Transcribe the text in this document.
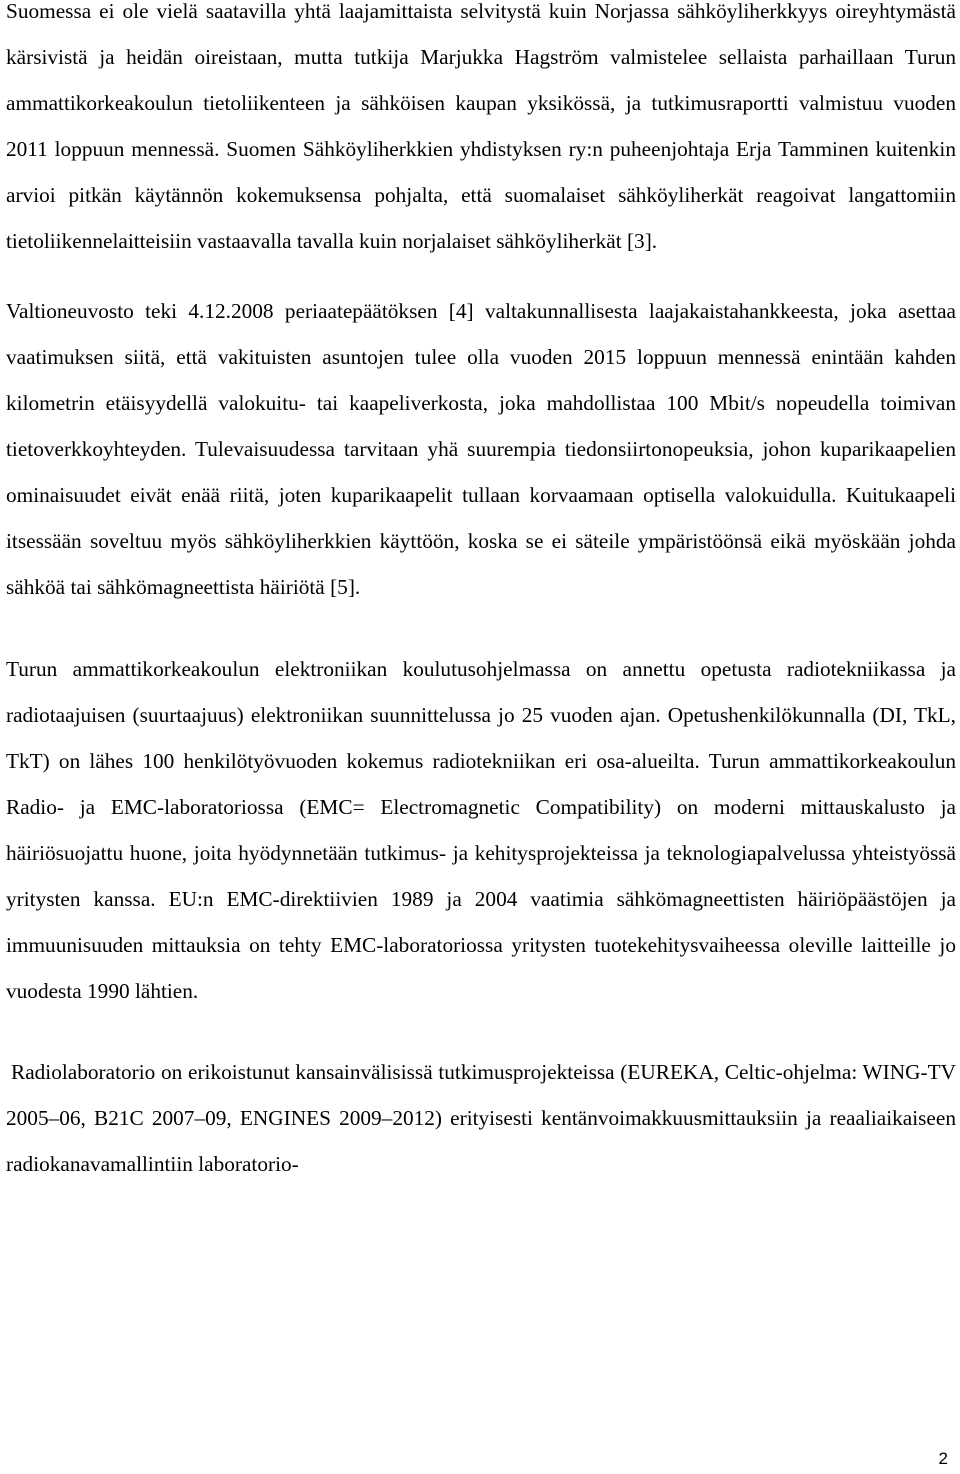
Suomessa ei ole vielä saatavilla yhtä laajamittaista selvitystä kuin Norjassa sähköyliherkkyys oireyhtymästä kärsivistä ja heidän oireistaan, mutta tutkija Marjukka Hagström valmistelee sellaista parhaillaan Turun ammattikorkeakoulun tietoliikenteen ja sähköisen kaupan yksikössä, ja tutkimusraportti valmistuu vuoden 2011 loppuun mennessä. Suomen Sähköyliherkkien yhdistyksen ry:n puheenjohtaja Erja Tamminen kuitenkin arvioi pitkän käytännön kokemuksensa pohjalta, että suomalaiset sähköyliherkät reagoivat langattomiin tietoliikennelaitteisiin vastaavalla tavalla kuin norjalaiset sähköyliherkät [3].

Valtioneuvosto teki 4.12.2008 periaatepäätöksen [4] valtakunnallisesta laajakaistahankkeesta, joka asettaa vaatimuksen siitä, että vakituisten asuntojen tulee olla vuoden 2015 loppuun mennessä enintään kahden kilometrin etäisyydellä valokuitu- tai kaapeliverkosta, joka mahdollistaa 100 Mbit/s nopeudella toimivan tietoverkkoyhteyden. Tulevaisuudessa tarvitaan yhä suurempia tiedonsiirtonopeuksia, johon kuparikaapelien ominaisuudet eivät enää riitä, joten kuparikaapelit tullaan korvaamaan optisella valokuidulla. Kuitukaapeli itsessään soveltuu myös sähköyliherkkien käyttöön, koska se ei säteile ympäristöönsä eikä myöskään johda sähköä tai sähkömagneettista häiriötä [5].

Turun ammattikorkeakoulun elektroniikan koulutusohjelmassa on annettu opetusta radiotekniikassa ja radiotaajuisen (suurtaajuus) elektroniikan suunnittelussa jo 25 vuoden ajan. Opetushenkilökunnalla (DI, TkL, TkT) on lähes 100 henkilötyövuoden kokemus radiotekniikan eri osa-alueilta. Turun ammattikorkeakoulun Radio- ja EMC-laboratoriossa (EMC= Electromagnetic Compatibility) on moderni mittauskalusto ja häiriösuojattu huone, joita hyödynnetään tutkimus- ja kehitysprojekteissa ja teknologiapalvelussa yhteistyössä yritysten kanssa. EU:n EMC-direktiivien 1989 ja 2004 vaatimia sähkömagneettisten häiriöpäästöjen ja immuunisuuden mittauksia on tehty EMC-laboratoriossa yritysten tuotekehitysvaiheessa oleville laitteille jo vuodesta 1990 lähtien.

Radiolaboratorio on erikoistunut kansainvälisissä tutkimusprojekteissa (EUREKA, Celtic-ohjelma: WING-TV 2005–06, B21C 2007–09, ENGINES 2009–2012) erityisesti kentänvoimakkuusmittauksiin ja reaaliaikaiseen radiokanavamallintiin laboratorio-

2
